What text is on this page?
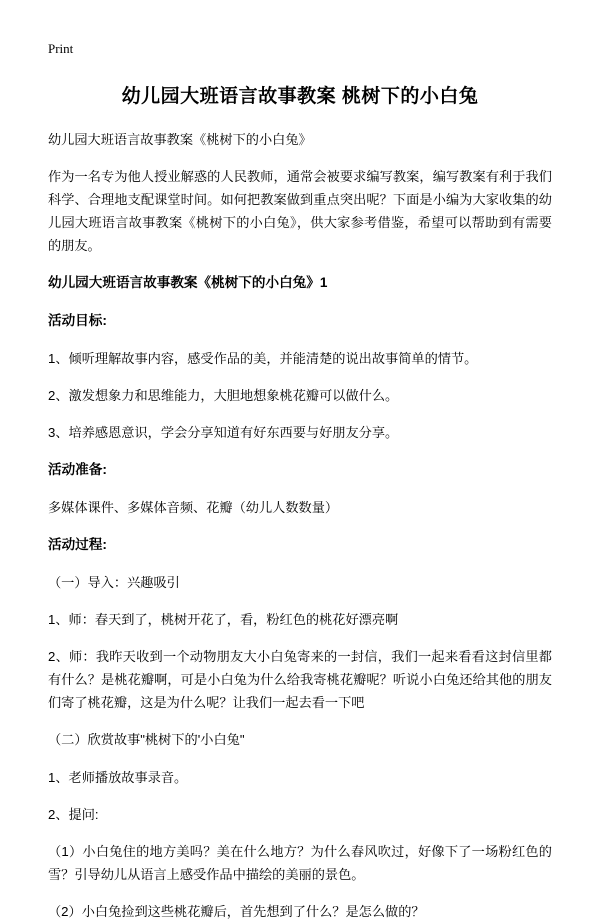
Print
幼儿园大班语言故事教案 桃树下的小白兔

幼儿园大班语言故事教案《桃树下的小白兔》

作为一名专为他人授业解惑的人民教师，通常会被要求编写教案，编写教案有利于我们科学、合理地支配课堂时间。如何把教案做到重点突出呢？下面是小编为大家收集的幼儿园大班语言故事教案《桃树下的小白兔》，供大家参考借鉴，希望可以帮助到有需要的朋友。

幼儿园大班语言故事教案《桃树下的小白兔》1

活动目标:

1、倾听理解故事内容，感受作品的美，并能清楚的说出故事简单的情节。

2、激发想象力和思维能力，大胆地想象桃花瓣可以做什么。

3、培养感恩意识，学会分享知道有好东西要与好朋友分享。

活动准备:

多媒体课件、多媒体音频、花瓣（幼儿人数数量）

活动过程:

（一）导入：兴趣吸引

1、师：春天到了，桃树开花了，看，粉红色的桃花好漂亮啊

2、师：我昨天收到一个动物朋友大小白兔寄来的一封信，我们一起来看看这封信里都有什么？是桃花瓣啊，可是小白兔为什么给我寄桃花瓣呢？听说小白兔还给其他的朋友们寄了桃花瓣，这是为什么呢？让我们一起去看一下吧

（二）欣赏故事"桃树下的'小白兔"

1、老师播放故事录音。

2、提问:

（1）小白兔住的地方美吗？美在什么地方？为什么春风吹过，好像下了一场粉红色的雪？引导幼儿从语言上感受作品中描绘的美丽的景色。

（2）小白兔捡到这些桃花瓣后，首先想到了什么？是怎么做的？
